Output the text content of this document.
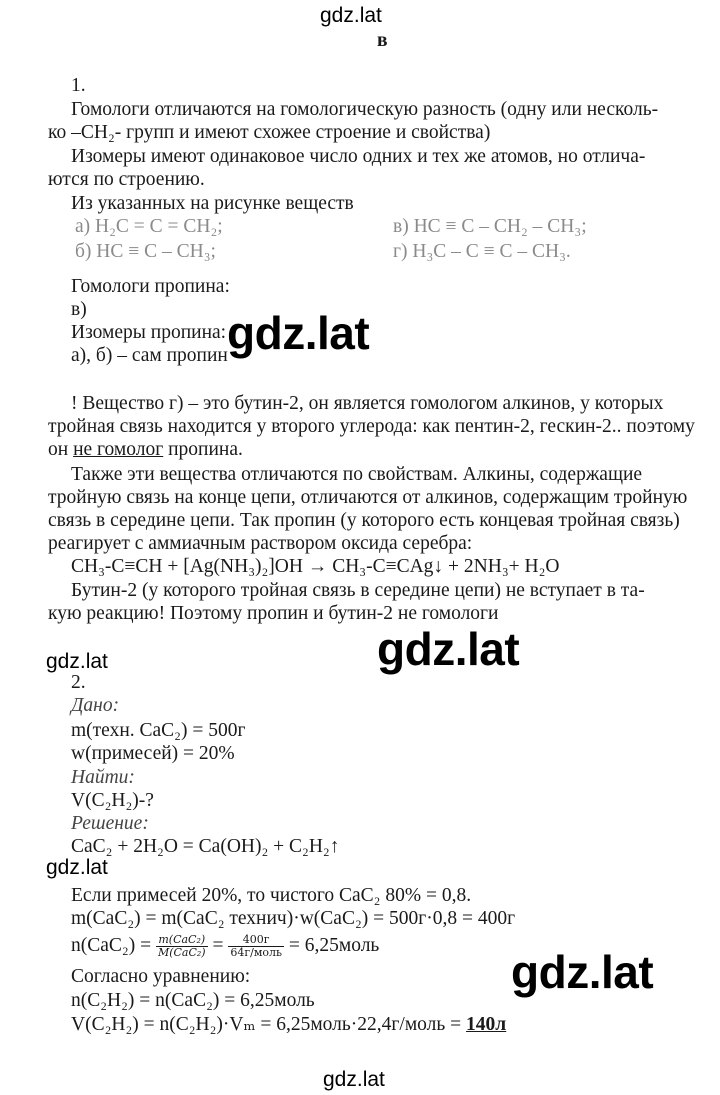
gdz.lat
gdz.lat
gdz.lat
gdz.lat
gdz.lat
gdz.lat
gdz.lat
в
1.
Гомологи отличаются на гомологическую разность (одну или несколь-
ко –CH₂- групп и имеют схожее строение и свойства)
Изомеры имеют одинаковое число одних и тех же атомов, но отлича-
ются по строению.
Из указанных на рисунке веществ
а) H₂C = C = CH₂;	в) HC ≡ C – CH₂ – CH₃;
б) HC ≡ C – CH₃;	г) H₃C – C ≡ C – CH₃.
Гомологи пропина:
в)
Изомеры пропина:
а), б) – сам пропин
! Вещество г) – это бутин-2, он является гомологом алкинов, у которых
тройная связь находится у второго углерода: как пентин-2, гескин-2.. поэтому
он не гомолог пропина.
Также эти вещества отличаются по свойствам. Алкины, содержащие
тройную связь на конце цепи, отличаются от алкинов, содержащим тройную
связь в середине цепи. Так пропин (у которого есть концевая тройная связь)
реагирует с аммиачным раствором оксида серебра:
CH₃-C≡CH + [Ag(NH₃)₂]OH → CH₃-C≡CAg↓ + 2NH₃+ H₂O
Бутин-2 (у которого тройная связь в середине цепи) не вступает в та-
кую реакцию! Поэтому пропин и бутин-2 не гомологи
2.
Дано:
m(техн. CaC₂) = 500г
w(примесей) = 20%
Найти:
V(C₂H₂)-?
Решение:
CaC₂ + 2H₂O = Ca(OH)₂ + C₂H₂↑
Если примесей 20%, то чистого CaC₂ 80% = 0,8.
m(CaC₂) = m(CaC₂ технич)·w(CaC₂) = 500г·0,8 = 400г
$n(CaC_2) = \frac{\text{m(CaC₂)}}{\text{M(CaC₂)}} = \frac{400г}{\text{64г/моль}}$ = 6,25моль
Согласно уравнению:
n(C₂H₂) = n(CaC₂) = 6,25моль
V(C₂H₂) = n(C₂H₂)·Vₘ = 6,25моль·22,4г/моль = 140л
